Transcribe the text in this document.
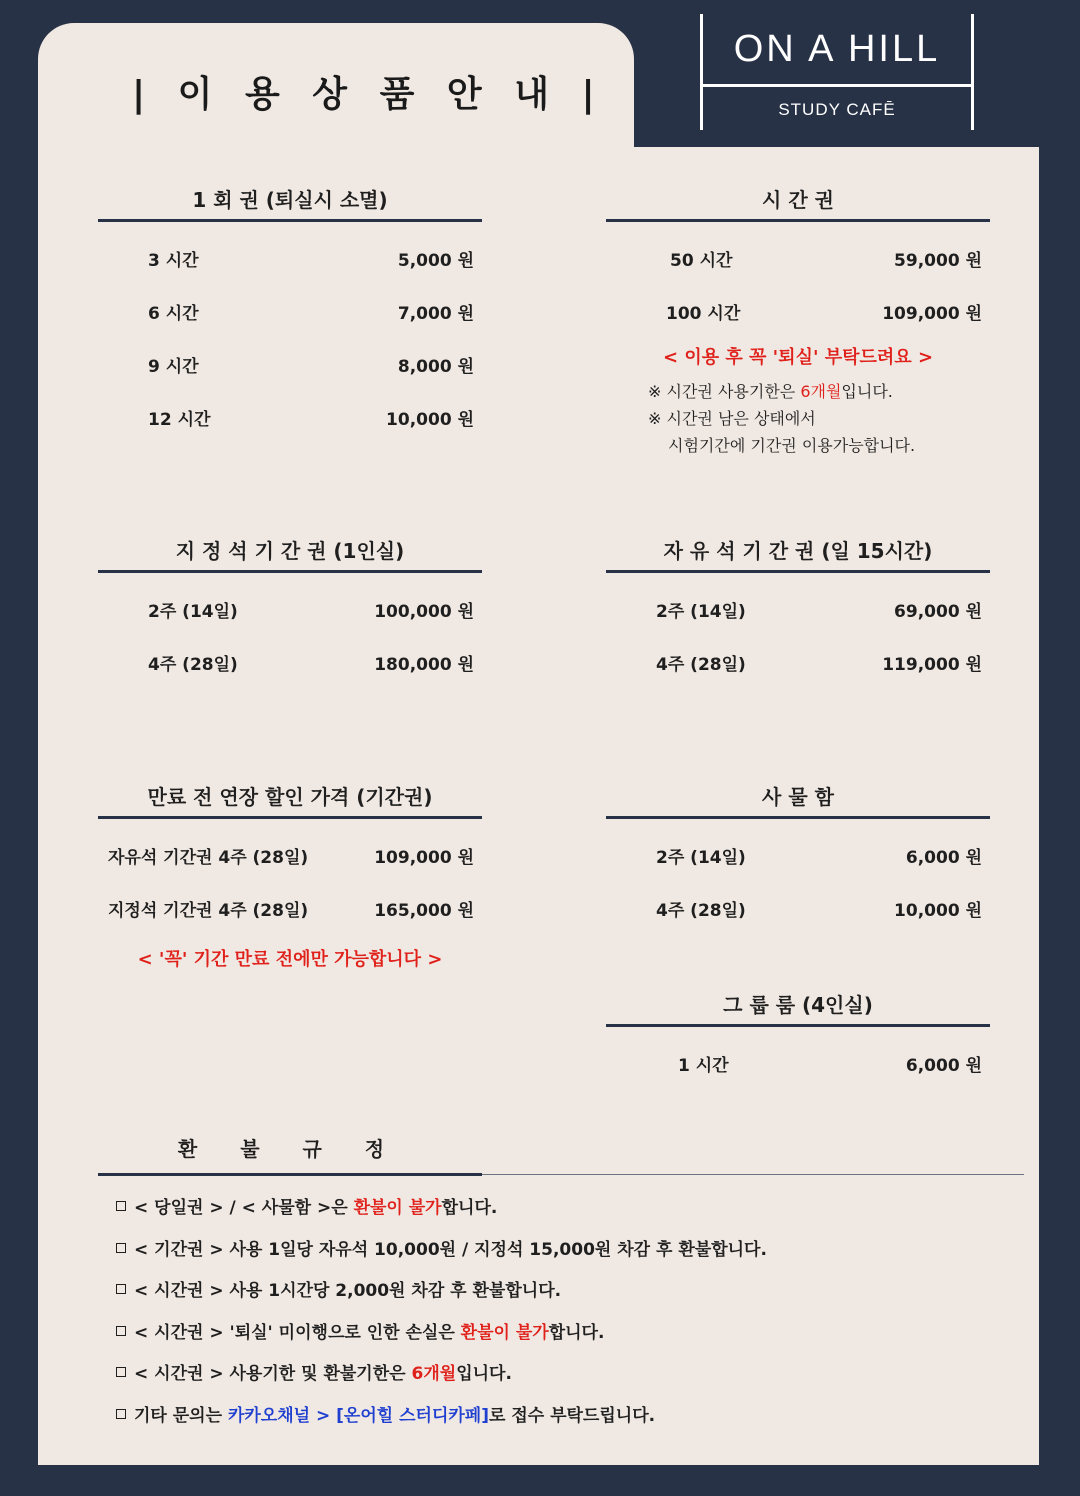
| 이 용 상 품 안 내 |
ON A HILL
STUDY CAFĒ
1 회 권 (퇴실시 소멸)
3 시간	5,000 원
6 시간	7,000 원
9 시간	8,000 원
12 시간	10,000 원
시 간 권
50 시간	59,000 원
100 시간	109,000 원
< 이용 후 꼭 '퇴실' 부탁드려요 >
※ 시간권 사용기한은 6개월입니다.
※ 시간권 남은 상태에서
시험기간에 기간권 이용가능합니다.
지 정 석 기 간 권 (1인실)
2주 (14일)	100,000 원
4주 (28일)	180,000 원
자 유 석 기 간 권 (일 15시간)
2주 (14일)	69,000 원
4주 (28일)	119,000 원
만료 전 연장 할인 가격 (기간권)
자유석 기간권 4주 (28일)	109,000 원
지정석 기간권 4주 (28일)	165,000 원
< '꼭' 기간 만료 전에만 가능합니다 >
사 물 함
2주 (14일)	6,000 원
4주 (28일)	10,000 원
그 룹 룸 (4인실)
1 시간	6,000 원
환 불 규 정
< 당일권 > / < 사물함 >은 환불이 불가합니다.
< 기간권 > 사용 1일당 자유석 10,000원 / 지정석 15,000원 차감 후 환불합니다.
< 시간권 > 사용 1시간당 2,000원 차감 후 환불합니다.
< 시간권 > '퇴실' 미이행으로 인한 손실은 환불이 불가합니다.
< 시간권 > 사용기한 및 환불기한은 6개월입니다.
기타 문의는 카카오채널 > [온어힐 스터디카페]로 접수 부탁드립니다.
